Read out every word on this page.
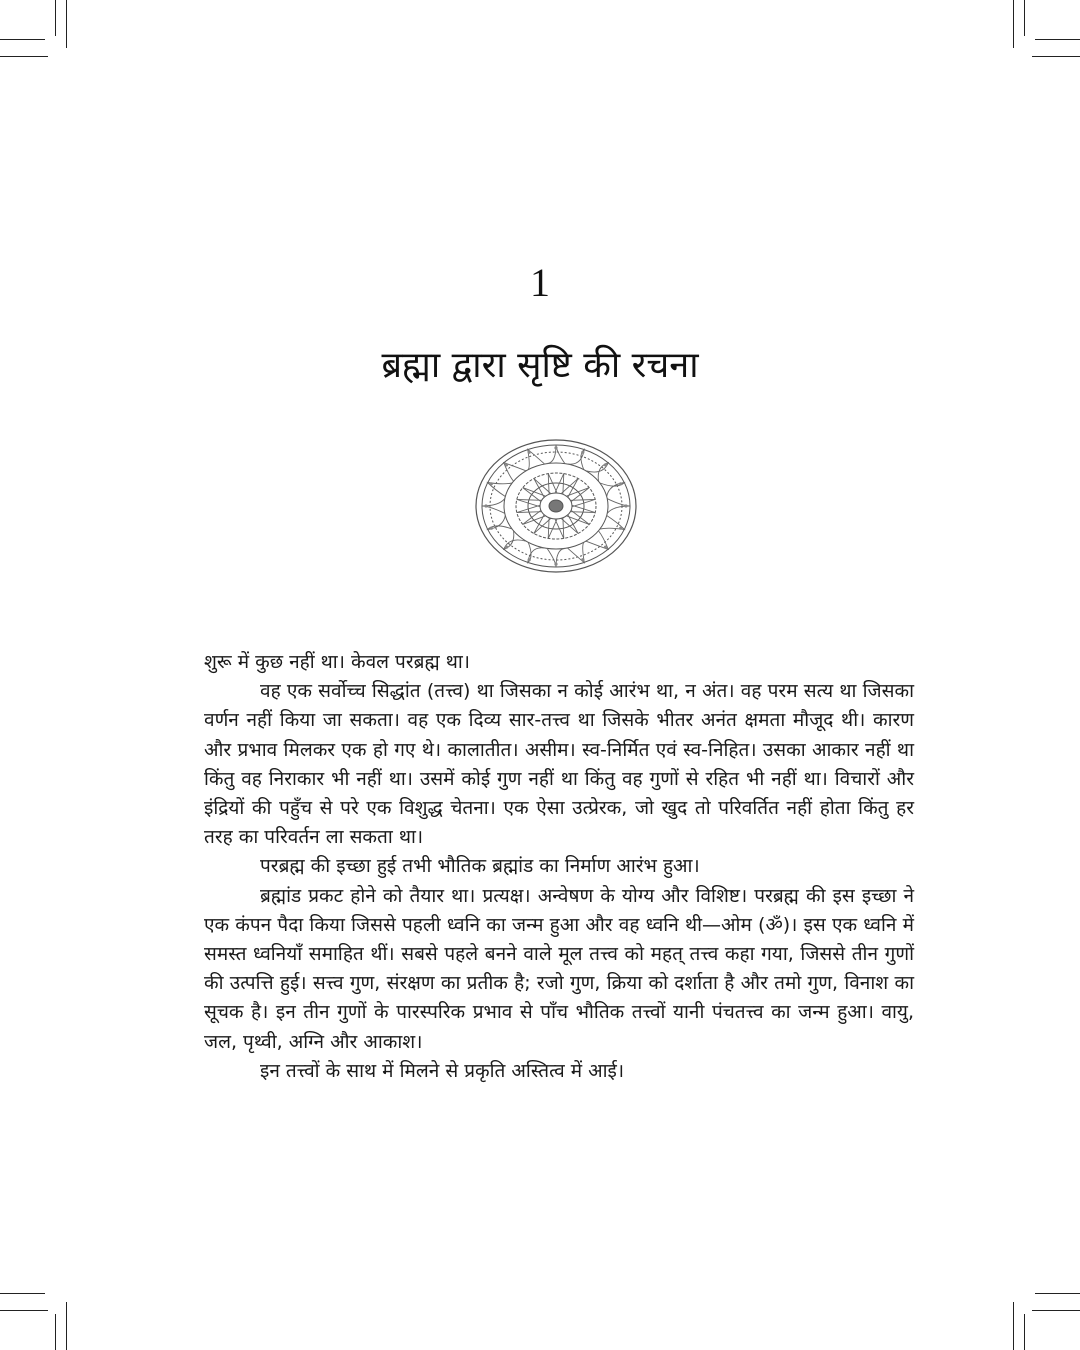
1
ब्रह्मा द्वारा सृष्टि की रचना

शुरू में कुछ नहीं था। केवल परब्रह्म था।

वह एक सर्वोच्च सिद्धांत (तत्त्व) था जिसका न कोई आरंभ था, न अंत। वह परम सत्य था जिसका वर्णन नहीं किया जा सकता। वह एक दिव्य सार-तत्त्व था जिसके भीतर अनंत क्षमता मौजूद थी। कारण और प्रभाव मिलकर एक हो गए थे। कालातीत। असीम। स्व-निर्मित एवं स्व-निहित। उसका आकार नहीं था किंतु वह निराकार भी नहीं था। उसमें कोई गुण नहीं था किंतु वह गुणों से रहित भी नहीं था। विचारों और इंद्रियों की पहुँच से परे एक विशुद्ध चेतना। एक ऐसा उत्प्रेरक, जो खुद तो परिवर्तित नहीं होता किंतु हर तरह का परिवर्तन ला सकता था।

परब्रह्म की इच्छा हुई तभी भौतिक ब्रह्मांड का निर्माण आरंभ हुआ।

ब्रह्मांड प्रकट होने को तैयार था। प्रत्यक्ष। अन्वेषण के योग्य और विशिष्ट। परब्रह्म की इस इच्छा ने एक कंपन पैदा किया जिससे पहली ध्वनि का जन्म हुआ और वह ध्वनि थी—ओम (ॐ)। इस एक ध्वनि में समस्त ध्वनियाँ समाहित थीं। सबसे पहले बनने वाले मूल तत्त्व को महत् तत्त्व कहा गया, जिससे तीन गुणों की उत्पत्ति हुई। सत्त्व गुण, संरक्षण का प्रतीक है; रजो गुण, क्रिया को दर्शाता है और तमो गुण, विनाश का सूचक है। इन तीन गुणों के पारस्परिक प्रभाव से पाँच भौतिक तत्त्वों यानी पंचतत्त्व का जन्म हुआ। वायु, जल, पृथ्वी, अग्नि और आकाश।

इन तत्त्वों के साथ में मिलने से प्रकृति अस्तित्व में आई।
